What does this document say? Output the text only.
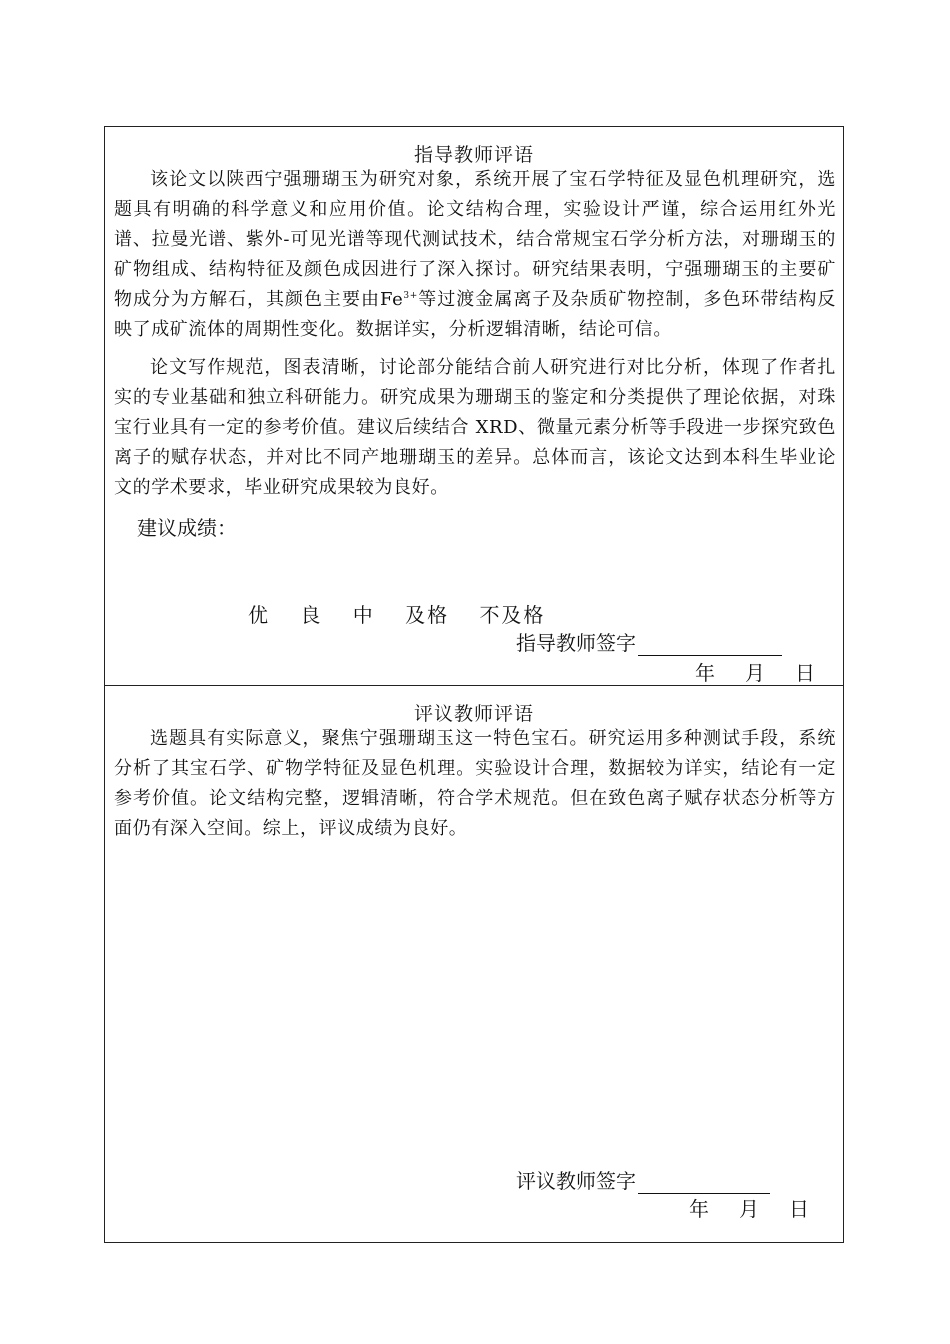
指导教师评语

该论文以陕西宁强珊瑚玉为研究对象，系统开展了宝石学特征及显色机理研究，选题具有明确的科学意义和应用价值。论文结构合理，实验设计严谨，综合运用红外光谱、拉曼光谱、紫外-可见光谱等现代测试技术，结合常规宝石学分析方法，对珊瑚玉的矿物组成、结构特征及颜色成因进行了深入探讨。研究结果表明，宁强珊瑚玉的主要矿物成分为方解石，其颜色主要由$Fe^{3+}$等过渡金属离子及杂质矿物控制，多色环带结构反映了成矿流体的周期性变化。数据详实，分析逻辑清晰，结论可信。

论文写作规范，图表清晰，讨论部分能结合前人研究进行对比分析，体现了作者扎实的专业基础和独立科研能力。研究成果为珊瑚玉的鉴定和分类提供了理论依据，对珠宝行业具有一定的参考价值。建议后续结合 XRD、微量元素分析等手段进一步探究致色离子的赋存状态，并对比不同产地珊瑚玉的差异。总体而言，该论文达到本科生毕业论文的学术要求，毕业研究成果较为良好。

建议成绩：
优 良 中 及格 不及格
指导教师签字
年 月 日
评议教师评语

选题具有实际意义，聚焦宁强珊瑚玉这一特色宝石。研究运用多种测试手段，系统分析了其宝石学、矿物学特征及显色机理。实验设计合理，数据较为详实，结论有一定参考价值。论文结构完整，逻辑清晰，符合学术规范。但在致色离子赋存状态分析等方面仍有深入空间。综上，评议成绩为良好。

评议教师签字
年 月 日
